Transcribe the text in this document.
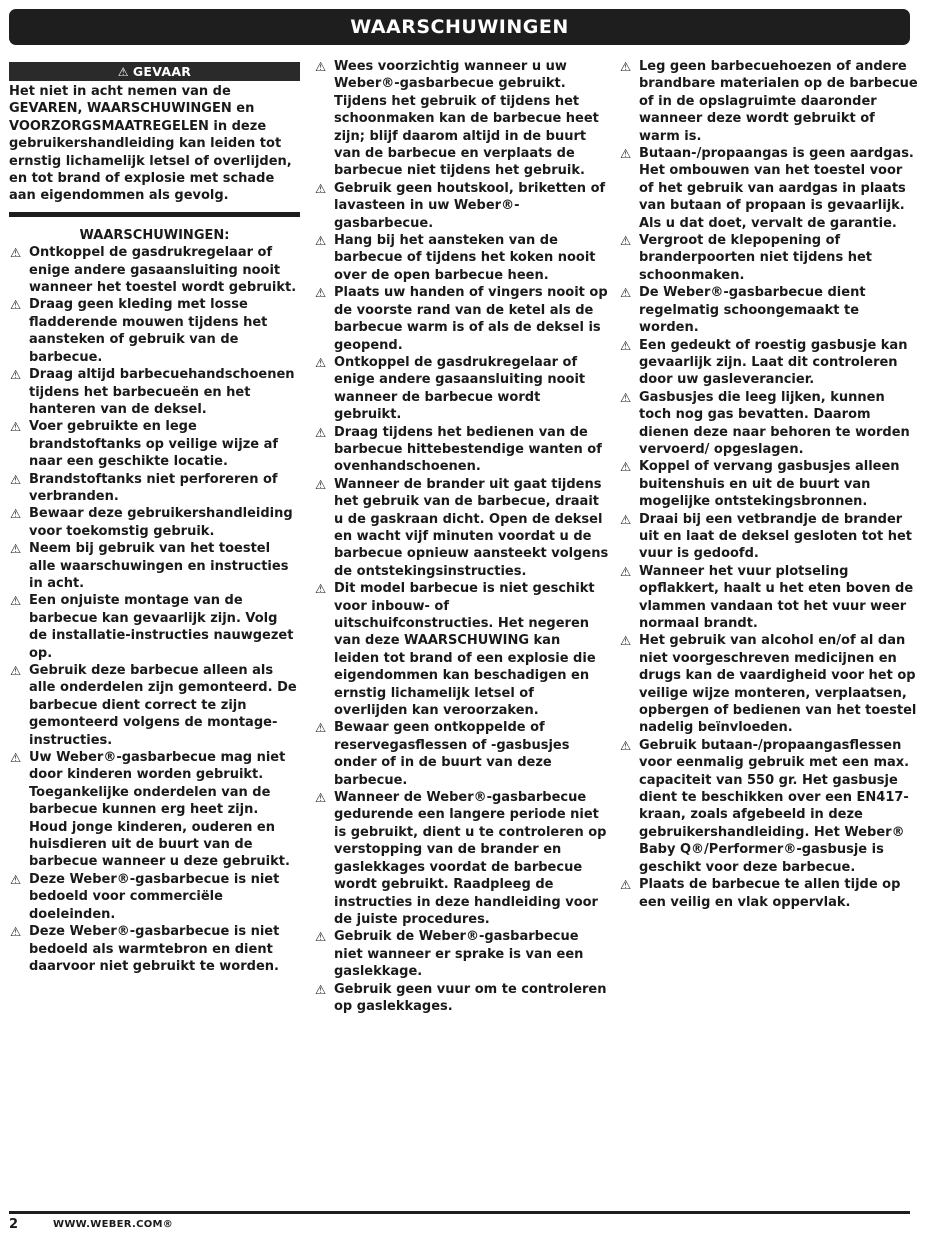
WAARSCHUWINGEN
⚠ GEVAAR
Het niet in acht nemen van de GEVAREN, WAARSCHUWINGEN en VOORZORGSMAATREGELEN in deze gebruikershandleiding kan leiden tot ernstig lichamelijk letsel of overlijden, en tot brand of explosie met schade aan eigendommen als gevolg.
WAARSCHUWINGEN:
⚠ Ontkoppel de gasdrukregelaar of enige andere gasaansluiting nooit wanneer het toestel wordt gebruikt.
⚠ Draag geen kleding met losse fladderende mouwen tijdens het aansteken of gebruik van de barbecue.
⚠ Draag altijd barbecuehandschoenen tijdens het barbecueën en het hanteren van de deksel.
⚠ Voer gebruikte en lege brandstoftanks op veilige wijze af naar een geschikte locatie.
⚠ Brandstoftanks niet perforeren of verbranden.
⚠ Bewaar deze gebruikershandleiding voor toekomstig gebruik.
⚠ Neem bij gebruik van het toestel alle waarschuwingen en instructies in acht.
⚠ Een onjuiste montage van de barbecue kan gevaarlijk zijn. Volg de installatie-instructies nauwgezet op.
⚠ Gebruik deze barbecue alleen als alle onderdelen zijn gemonteerd. De barbecue dient correct te zijn gemonteerd volgens de montage-instructies.
⚠ Uw Weber®-gasbarbecue mag niet door kinderen worden gebruikt. Toegankelijke onderdelen van de barbecue kunnen erg heet zijn. Houd jonge kinderen, ouderen en huisdieren uit de buurt van de barbecue wanneer u deze gebruikt.
⚠ Deze Weber®-gasbarbecue is niet bedoeld voor commerciële doeleinden.
⚠ Deze Weber®-gasbarbecue is niet bedoeld als warmtebron en dient daarvoor niet gebruikt te worden.
⚠ Wees voorzichtig wanneer u uw Weber®-gasbarbecue gebruikt. Tijdens het gebruik of tijdens het schoonmaken kan de barbecue heet zijn; blijf daarom altijd in de buurt van de barbecue en verplaats de barbecue niet tijdens het gebruik.
⚠ Gebruik geen houtskool, briketten of lavasteen in uw Weber®-gasbarbecue.
⚠ Hang bij het aansteken van de barbecue of tijdens het koken nooit over de open barbecue heen.
⚠ Plaats uw handen of vingers nooit op de voorste rand van de ketel als de barbecue warm is of als de deksel is geopend.
⚠ Ontkoppel de gasdrukregelaar of enige andere gasaansluiting nooit wanneer de barbecue wordt gebruikt.
⚠ Draag tijdens het bedienen van de barbecue hittebestendige wanten of ovenhandschoenen.
⚠ Wanneer de brander uit gaat tijdens het gebruik van de barbecue, draait u de gaskraan dicht. Open de deksel en wacht vijf minuten voordat u de barbecue opnieuw aansteekt volgens de ontstekingsinstructies.
⚠ Dit model barbecue is niet geschikt voor inbouw- of uitschuifconstructies. Het negeren van deze WAARSCHUWING kan leiden tot brand of een explosie die eigendommen kan beschadigen en ernstig lichamelijk letsel of overlijden kan veroorzaken.
⚠ Bewaar geen ontkoppelde of reservegasflessen of -gasbusjes onder of in de buurt van deze barbecue.
⚠ Wanneer de Weber®-gasbarbecue gedurende een langere periode niet is gebruikt, dient u te controleren op verstopping van de brander en gaslekkages voordat de barbecue wordt gebruikt. Raadpleeg de instructies in deze handleiding voor de juiste procedures.
⚠ Gebruik de Weber®-gasbarbecue niet wanneer er sprake is van een gaslekkage.
⚠ Gebruik geen vuur om te controleren op gaslekkages.
⚠ Leg geen barbecuehoezen of andere brandbare materialen op de barbecue of in de opslagruimte daaronder wanneer deze wordt gebruikt of warm is.
⚠ Butaan-/propaangas is geen aardgas. Het ombouwen van het toestel voor of het gebruik van aardgas in plaats van butaan of propaan is gevaarlijk. Als u dat doet, vervalt de garantie.
⚠ Vergroot de klepopening of branderpoorten niet tijdens het schoonmaken.
⚠ De Weber®-gasbarbecue dient regelmatig schoongemaakt te worden.
⚠ Een gedeukt of roestig gasbusje kan gevaarlijk zijn. Laat dit controleren door uw gasleverancier.
⚠ Gasbusjes die leeg lijken, kunnen toch nog gas bevatten. Daarom dienen deze naar behoren te worden vervoerd/ opgeslagen.
⚠ Koppel of vervang gasbusjes alleen buitenshuis en uit de buurt van mogelijke ontstekingsbronnen.
⚠ Draai bij een vetbrandje de brander uit en laat de deksel gesloten tot het vuur is gedoofd.
⚠ Wanneer het vuur plotseling opflakkert, haalt u het eten boven de vlammen vandaan tot het vuur weer normaal brandt.
⚠ Het gebruik van alcohol en/of al dan niet voorgeschreven medicijnen en drugs kan de vaardigheid voor het op veilige wijze monteren, verplaatsen, opbergen of bedienen van het toestel nadelig beïnvloeden.
⚠ Gebruik butaan-/propaangasflessen voor eenmalig gebruik met een max. capaciteit van 550 gr. Het gasbusje dient te beschikken over een EN417-kraan, zoals afgebeeld in deze gebruikershandleiding. Het Weber® Baby Q®/Performer®-gasbusje is geschikt voor deze barbecue.
⚠ Plaats de barbecue te allen tijde op een veilig en vlak oppervlak.
2	WWW.WEBER.COM®
